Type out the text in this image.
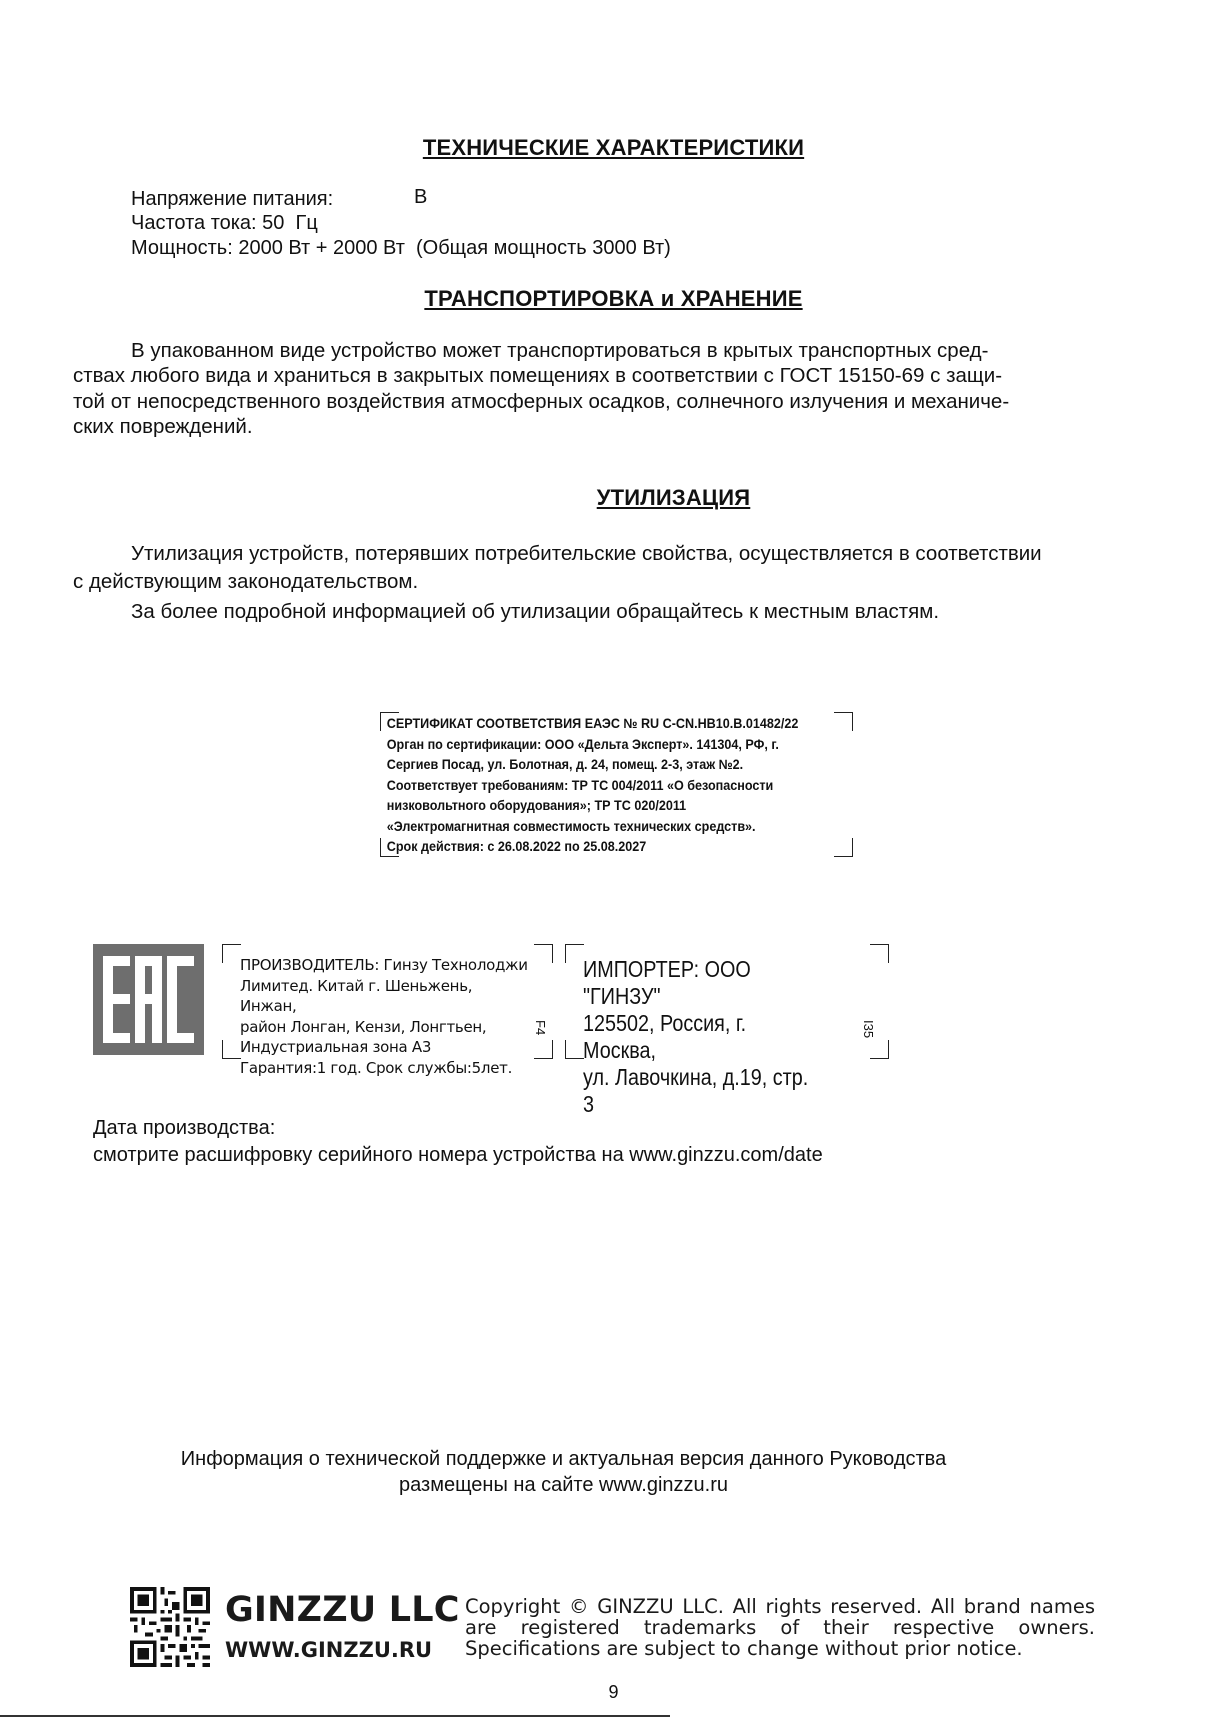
ТЕХНИЧЕСКИЕ ХАРАКТЕРИСТИКИ
Напряжение питания:	В
Частота тока: 50  Гц
Мощность: 2000 Вт + 2000 Вт  (Общая мощность 3000 Вт)
ТРАНСПОРТИРОВКА и ХРАНЕНИЕ
В упакованном виде устройство может транспортироваться в крытых транспортных сред-
ствах любого вида и храниться в закрытых помещениях в соответствии с ГОСТ 15150-69 с защи-
той от непосредственного воздействия атмосферных осадков, солнечного излучения и механиче-
ских повреждений.
УТИЛИЗАЦИЯ
Утилизация устройств, потерявших потребительские свойства, осуществляется в соответствии
с действующим законодательством.
За более подробной информацией об утилизации обращайтесь к местным властям.
СЕРТИФИКАТ СООТВЕТСТВИЯ ЕАЭС № RU C-CN.НВ10.В.01482/22
Орган по сертификации: ООО «Дельта Эксперт». 141304, РФ, г.
Сергиев Посад, ул. Болотная, д. 24, помещ. 2-3, этаж №2.
Соответствует требованиям: ТР ТС 004/2011 «О безопасности
низковольтного оборудования»; ТР ТС 020/2011
«Электромагнитная совместимость технических средств».
Срок действия: с 26.08.2022 по 25.08.2027
ПРОИЗВОДИТЕЛЬ: Гинзу Технолоджи
Лимитед. Китай г. Шеньжень, Инжан,
район Лонган, Кензи, Лонгтьен,
Индустриальная зона А3
Гарантия:1 год. Срок службы:5лет.
F4
ИМПОРТЕР: ООО "ГИНЗУ"
125502, Россия, г. Москва,
ул. Лавочкина, д.19, стр. 3
I35
Дата производства:
смотрите расшифровку серийного номера устройства на www.ginzzu.com/date
Информация о технической поддержке и актуальная версия данного Руководства
размещены на сайте www.ginzzu.ru
GINZZU LLC
WWW.GINZZU.RU
Copyright © GINZZU LLC. All rights reserved. All brand names
are registered trademarks of their respective owners.
Specifications are subject to change without prior notice.
9
